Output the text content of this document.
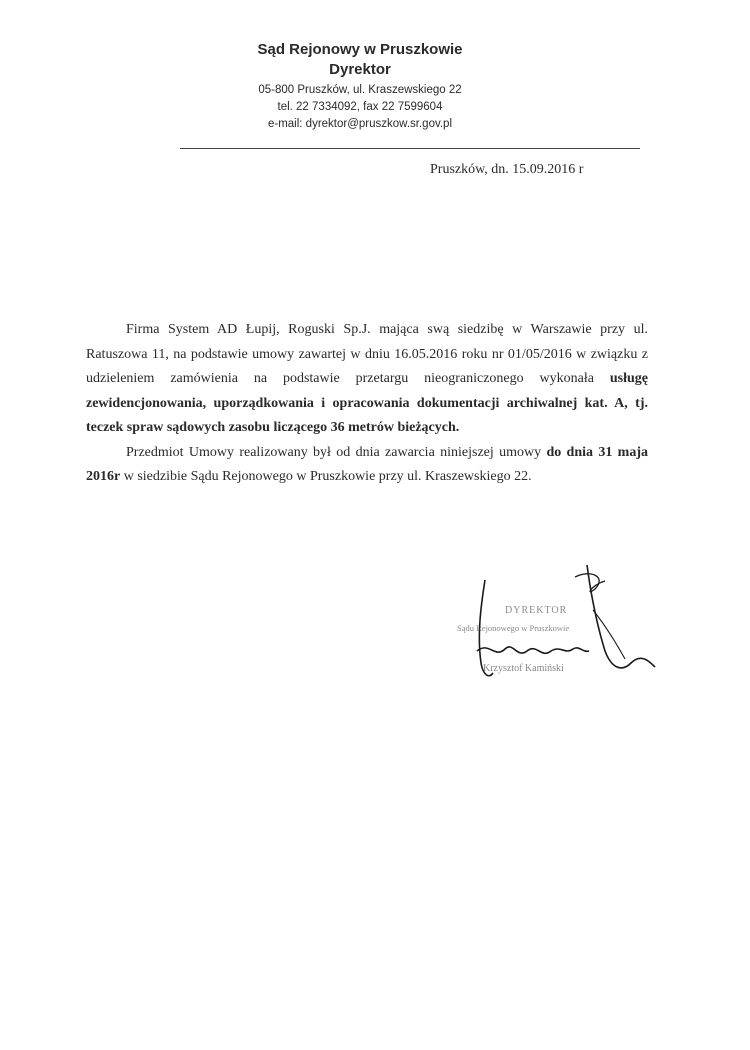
Sąd Rejonowy w Pruszkowie

Dyrektor

05-800 Pruszków, ul. Kraszewskiego 22

tel. 22 7334092, fax 22 7599604

e-mail: dyrektor@pruszkow.sr.gov.pl

Pruszków, dn. 15.09.2016 r

Firma System AD Łupij, Roguski Sp.J. mająca swą siedzibę w Warszawie przy ul. Ratuszowa 11, na podstawie umowy zawartej w dniu 16.05.2016 roku nr 01/05/2016 w związku z udzieleniem zamówienia na podstawie przetargu nieograniczonego wykonała usługę zewidencjonowania, uporządkowania i opracowania dokumentacji archiwalnej kat. A, tj. teczek spraw sądowych zasobu liczącego 36 metrów bieżących.

Przedmiot Umowy realizowany był od dnia zawarcia niniejszej umowy do dnia 31 maja 2016r w siedzibie Sądu Rejonowego w Pruszkowie przy ul. Kraszewskiego 22.

DYREKTOR
Sądu Rejonowego w Pruszkowie
Krzysztof Kamiński
